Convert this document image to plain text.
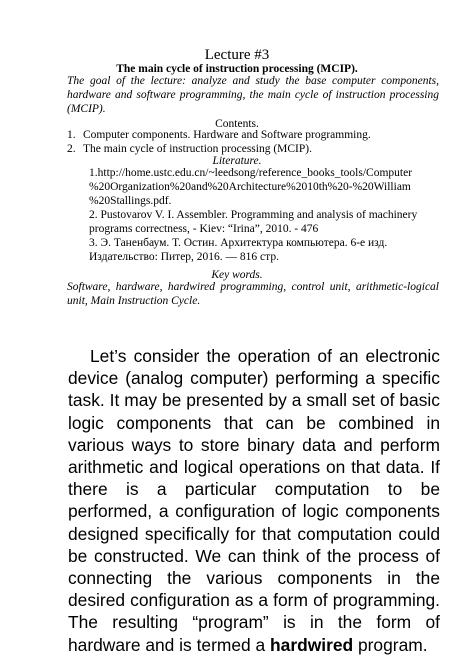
Lecture #3
The main cycle of instruction processing (MCIP).
The goal of the lecture: analyze and study the base computer components, hardware and software programming, the main cycle of instruction processing (MCIP).
Contents.
1. Computer components. Hardware and Software programming.
2. The main cycle of instruction processing (MCIP).
Literature.
1.http://home.ustc.edu.cn/~leedsong/reference_books_tools/Computer %20Organization%20and%20Architecture%2010th%20-%20William %20Stallings.pdf.
2. Pustovarov V. I. Assembler. Programming and analysis of machinery programs correctness, - Kiev: “Irina”, 2010. - 476
3. Э. Таненбаум. Т. Остин. Архитектура компьютера. 6-е изд. Издательство: Питер, 2016. — 816 стр.
Key words.
Software, hardware, hardwired programming, control unit, arithmetic-logical unit, Main Instruction Cycle.
Let’s consider the operation of an electronic device (analog computer) performing a specific task. It may be presented by a small set of basic logic components that can be combined in various ways to store binary data and perform arithmetic and logical operations on that data. If there is a particular computation to be performed, a configuration of logic components designed specifically for that computation could be constructed. We can think of the process of connecting the various components in the desired configuration as a form of programming. The resulting “program” is in the form of hardware and is termed a hardwired program.
